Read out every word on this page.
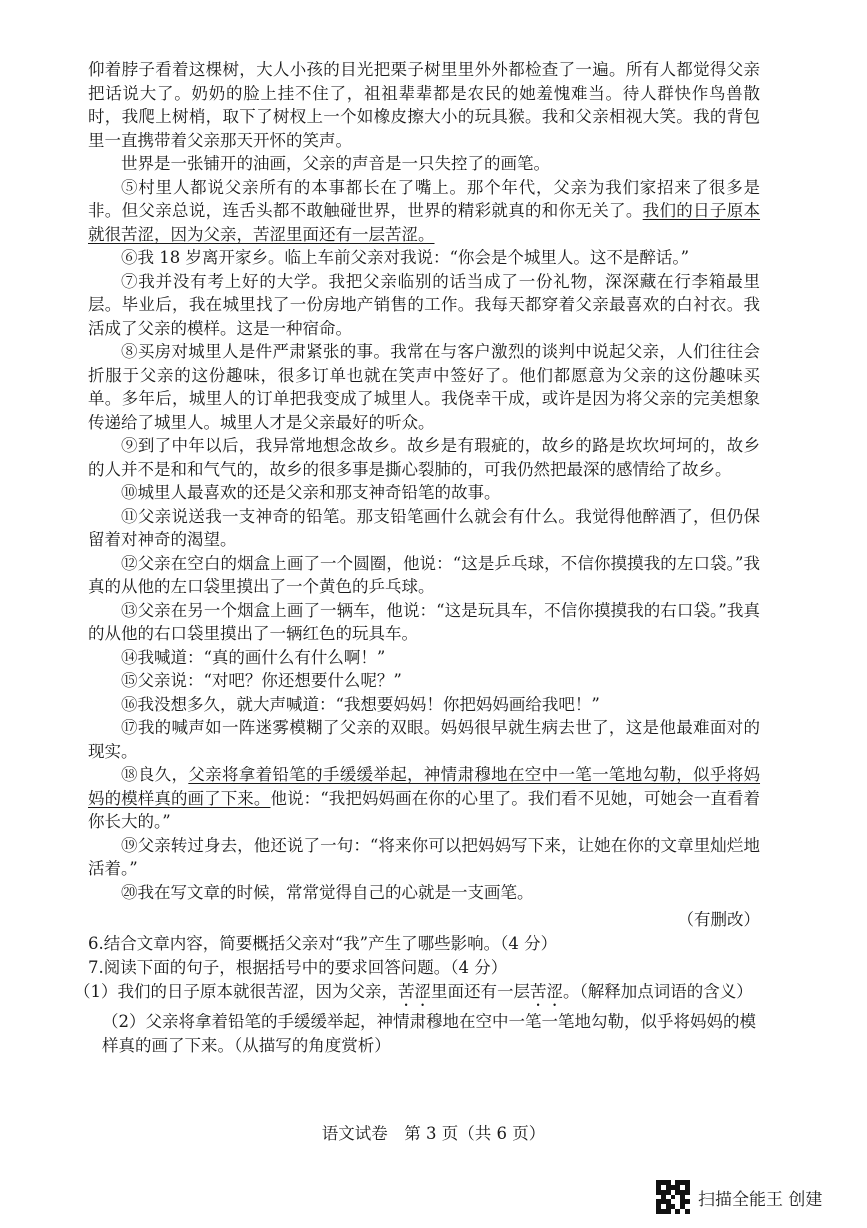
仰着脖子看着这棵树，大人小孩的目光把栗子树里里外外都检查了一遍。所有人都觉得父亲把话说大了。奶奶的脸上挂不住了，祖祖辈辈都是农民的她羞愧难当。待人群快作鸟兽散时，我爬上树梢，取下了树杈上一个如橡皮擦大小的玩具猴。我和父亲相视大笑。我的背包里一直携带着父亲那天开怀的笑声。

世界是一张铺开的油画，父亲的声音是一只失控了的画笔。

⑤村里人都说父亲所有的本事都长在了嘴上。那个年代，父亲为我们家招来了很多是非。但父亲总说，连舌头都不敢触碰世界，世界的精彩就真的和你无关了。我们的日子原本就很苦涩，因为父亲，苦涩里面还有一层苦涩。

⑥我 18 岁离开家乡。临上车前父亲对我说：“你会是个城里人。这不是醉话。”

⑦我并没有考上好的大学。我把父亲临别的话当成了一份礼物，深深藏在行李箱最里层。毕业后，我在城里找了一份房地产销售的工作。我每天都穿着父亲最喜欢的白衬衣。我活成了父亲的模样。这是一种宿命。

⑧买房对城里人是件严肃紧张的事。我常在与客户激烈的谈判中说起父亲，人们往往会折服于父亲的这份趣味，很多订单也就在笑声中签好了。他们都愿意为父亲的这份趣味买单。多年后，城里人的订单把我变成了城里人。我侥幸干成，或许是因为将父亲的完美想象传递给了城里人。城里人才是父亲最好的听众。

⑨到了中年以后，我异常地想念故乡。故乡是有瑕疵的，故乡的路是坎坎坷坷的，故乡的人并不是和和气气的，故乡的很多事是撕心裂肺的，可我仍然把最深的感情给了故乡。

⑩城里人最喜欢的还是父亲和那支神奇铅笔的故事。

⑪父亲说送我一支神奇的铅笔。那支铅笔画什么就会有什么。我觉得他醉酒了，但仍保留着对神奇的渴望。

⑫父亲在空白的烟盒上画了一个圆圈，他说：“这是乒乓球，不信你摸摸我的左口袋。”我真的从他的左口袋里摸出了一个黄色的乒乓球。

⑬父亲在另一个烟盒上画了一辆车，他说：“这是玩具车，不信你摸摸我的右口袋。”我真的从他的右口袋里摸出了一辆红色的玩具车。

⑭我喊道：“真的画什么有什么啊！”

⑮父亲说：“对吧？你还想要什么呢？”

⑯我没想多久，就大声喊道：“我想要妈妈！你把妈妈画给我吧！”

⑰我的喊声如一阵迷雾模糊了父亲的双眼。妈妈很早就生病去世了，这是他最难面对的现实。

⑱良久，父亲将拿着铅笔的手缓缓举起，神情肃穆地在空中一笔一笔地勾勒，似乎将妈妈的模样真的画了下来。他说：“我把妈妈画在你的心里了。我们看不见她，可她会一直看着你长大的。”

⑲父亲转过身去，他还说了一句：“将来你可以把妈妈写下来，让她在你的文章里灿烂地活着。”

⑳我在写文章的时候，常常觉得自己的心就是一支画笔。

（有删改）

6.结合文章内容，简要概括父亲对“我”产生了哪些影响。（4 分）

7.阅读下面的句子，根据括号中的要求回答问题。（4 分）

（1）我们的日子原本就很苦涩，因为父亲，苦涩里面还有一层苦涩。（解释加点词语的含义）

（2）父亲将拿着铅笔的手缓缓举起，神情肃穆地在空中一笔一笔地勾勒，似乎将妈妈的模样真的画了下来。（从描写的角度赏析）

语文试卷　第 3 页（共 6 页）
扫描全能王 创建
